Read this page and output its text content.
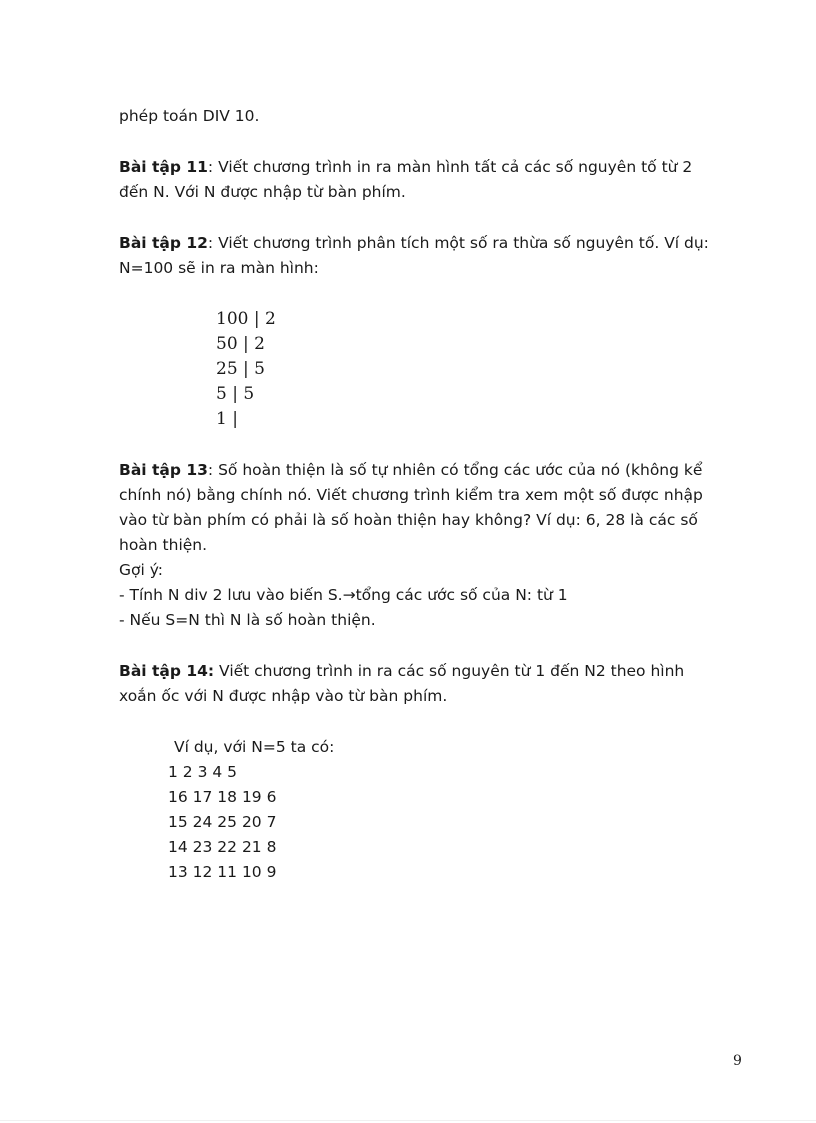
phép toán DIV 10.

Bài tập 11: Viết chương trình in ra màn hình tất cả các số nguyên tố từ 2

đến N. Với N được nhập từ bàn phím.

Bài tập 12: Viết chương trình phân tích một số ra thừa số nguyên tố. Ví dụ:

N=100 sẽ in ra màn hình:

100 | 2
50 | 2
25 | 5
5 | 5
1 |

Bài tập 13: Số hoàn thiện là số tự nhiên có tổng các ước của nó (không kể

chính nó) bằng chính nó. Viết chương trình kiểm tra xem một số được nhập

vào từ bàn phím có phải là số hoàn thiện hay không? Ví dụ: 6, 28 là các số

hoàn thiện.

Gợi ý:

- Tính N div 2 lưu vào biến S.→tổng các ước số của N: từ 1

- Nếu S=N thì N là số hoàn thiện.

Bài tập 14: Viết chương trình in ra các số nguyên từ 1 đến N2 theo hình

xoắn ốc với N được nhập vào từ bàn phím.

Ví dụ, với N=5 ta có:
1 2 3 4 5
16 17 18 19 6
15 24 25 20 7
14 23 22 21 8
13 12 11 10 9
9
